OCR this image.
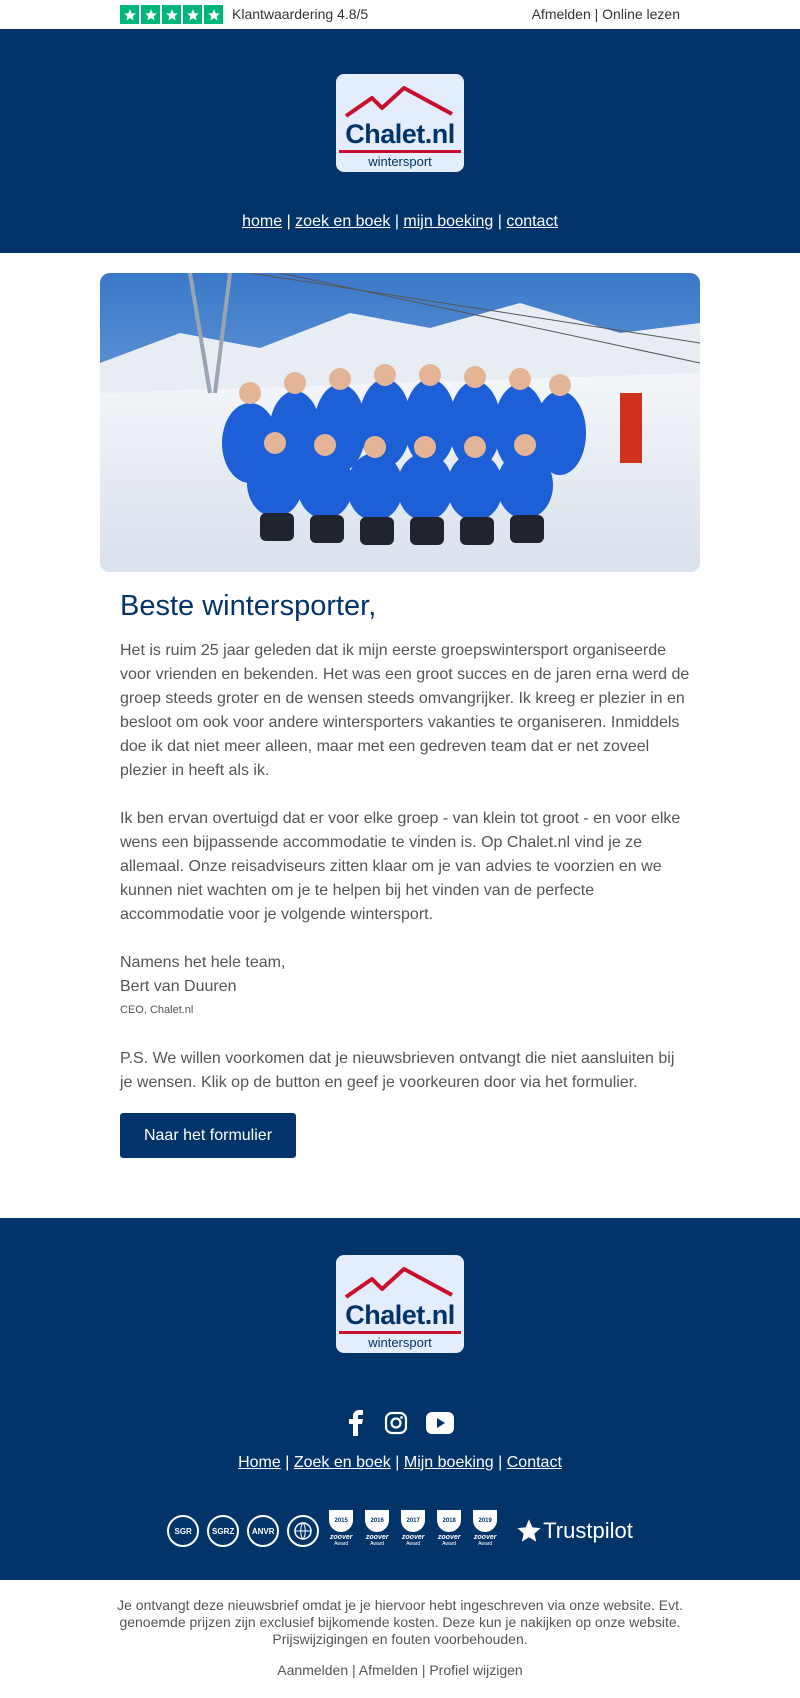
Klantwaardering 4.8/5	Afmelden | Online lezen
Chalet.nl
wintersport
home | zoek en boek | mijn boeking | contact
Beste wintersporter,

Het is ruim 25 jaar geleden dat ik mijn eerste groepswintersport organiseerde voor vrienden en bekenden. Het was een groot succes en de jaren erna werd de groep steeds groter en de wensen steeds omvangrijker. Ik kreeg er plezier in en besloot om ook voor andere wintersporters vakanties te organiseren. Inmiddels doe ik dat niet meer alleen, maar met een gedreven team dat er net zoveel plezier in heeft als ik.

Ik ben ervan overtuigd dat er voor elke groep - van klein tot groot - en voor elke wens een bijpassende accommodatie te vinden is. Op Chalet.nl vind je ze allemaal. Onze reisadviseurs zitten klaar om je van advies te voorzien en we kunnen niet wachten om je te helpen bij het vinden van de perfecte accommodatie voor je volgende wintersport.

Namens het hele team,
Bert van Duuren
CEO, Chalet.nl

P.S. We willen voorkomen dat je nieuwsbrieven ontvangt die niet aansluiten bij je wensen. Klik op de button en geef je voorkeuren door via het formulier.

Naar het formulier
Chalet.nl
wintersport
Home | Zoek en boek | Mijn boeking | Contact
SGR	SGRZ	ANVR
2015
zoover
Award
2016
zoover
Award
2017
zoover
Award
2018
zoover
Award
2019
zoover
Award
Trustpilot

Je ontvangt deze nieuwsbrief omdat je je hiervoor hebt ingeschreven via onze website. Evt. genoemde prijzen zijn exclusief bijkomende kosten. Deze kun je nakijken op onze website. Prijswijzigingen en fouten voorbehouden.

Aanmelden | Afmelden | Profiel wijzigen
